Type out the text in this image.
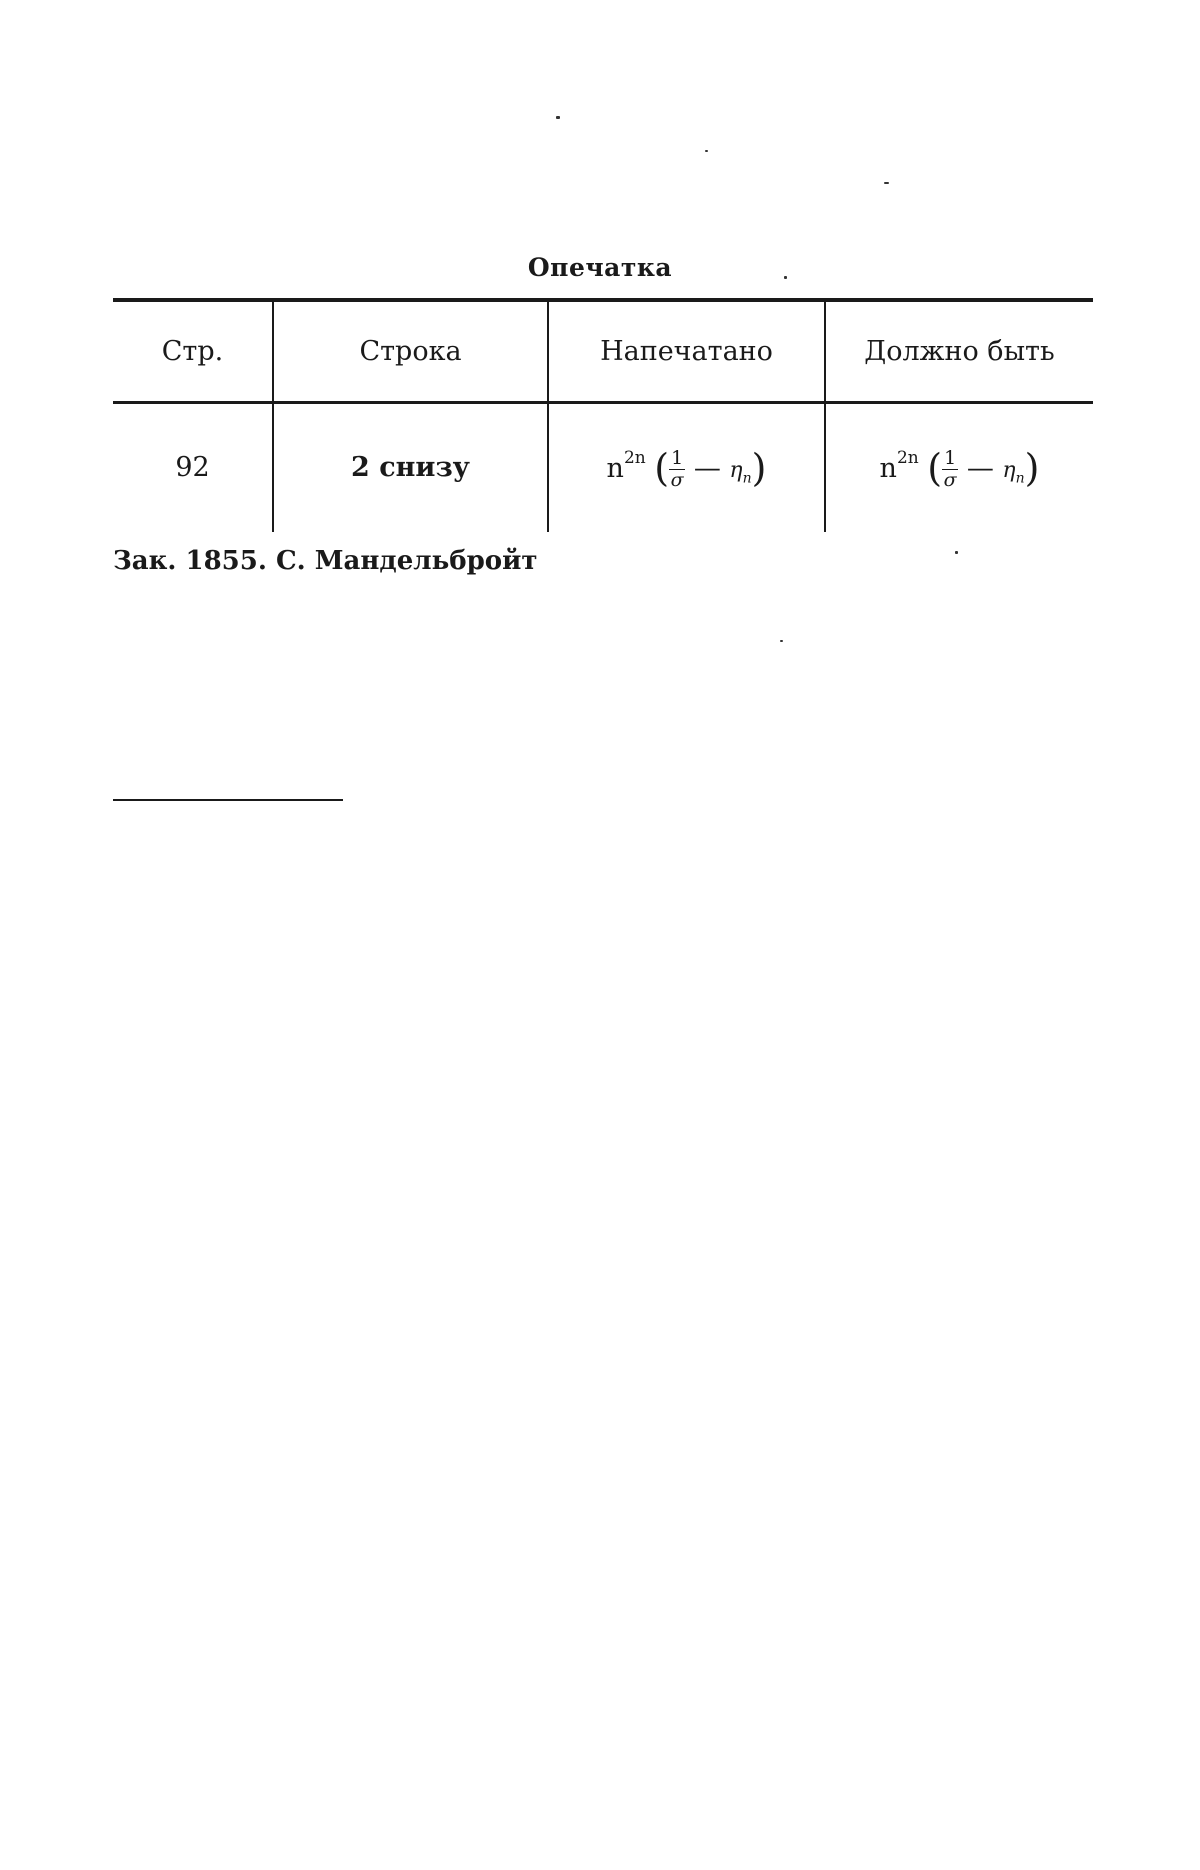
Опечатка
Стр.	Строка	Напечатано	Должно быть
92	2 снизу	$n^{2n}$ ( $\frac{1}{\sigma}$ — $\eta_n$)	$n^{2n}$ ( $\frac{1}{\sigma}$ — $\eta_n$)
Зак. 1855. С. Мандельбройт
